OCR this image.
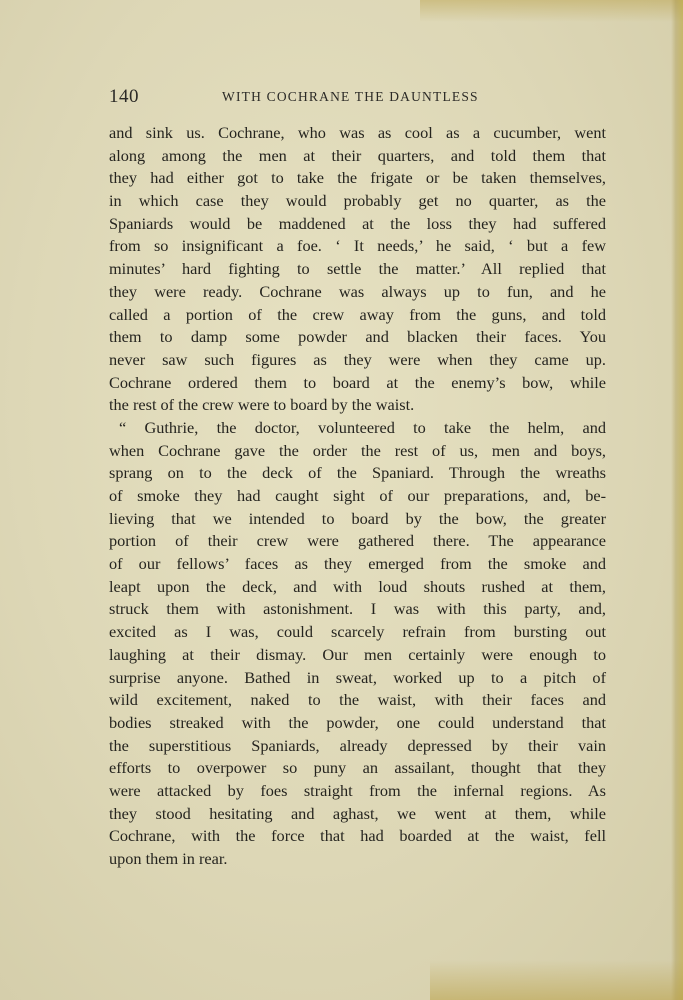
140	WITH COCHRANE THE DAUNTLESS
and sink us. Cochrane, who was as cool as a cucumber, went
along among the men at their quarters, and told them that
they had either got to take the frigate or be taken themselves,
in which case they would probably get no quarter, as the
Spaniards would be maddened at the loss they had suffered
from so insignificant a foe. ‘ It needs,’ he said, ‘ but a few
minutes’ hard fighting to settle the matter.’ All replied that
they were ready. Cochrane was always up to fun, and he
called a portion of the crew away from the guns, and told
them to damp some powder and blacken their faces. You
never saw such figures as they were when they came up.
Cochrane ordered them to board at the enemy’s bow, while
the rest of the crew were to board by the waist.
“ Guthrie, the doctor, volunteered to take the helm, and
when Cochrane gave the order the rest of us, men and boys,
sprang on to the deck of the Spaniard. Through the wreaths
of smoke they had caught sight of our preparations, and, be-
lieving that we intended to board by the bow, the greater
portion of their crew were gathered there. The appearance
of our fellows’ faces as they emerged from the smoke and
leapt upon the deck, and with loud shouts rushed at them,
struck them with astonishment. I was with this party, and,
excited as I was, could scarcely refrain from bursting out
laughing at their dismay. Our men certainly were enough to
surprise anyone. Bathed in sweat, worked up to a pitch of
wild excitement, naked to the waist, with their faces and
bodies streaked with the powder, one could understand that
the superstitious Spaniards, already depressed by their vain
efforts to overpower so puny an assailant, thought that they
were attacked by foes straight from the infernal regions. As
they stood hesitating and aghast, we went at them, while
Cochrane, with the force that had boarded at the waist, fell
upon them in rear.
